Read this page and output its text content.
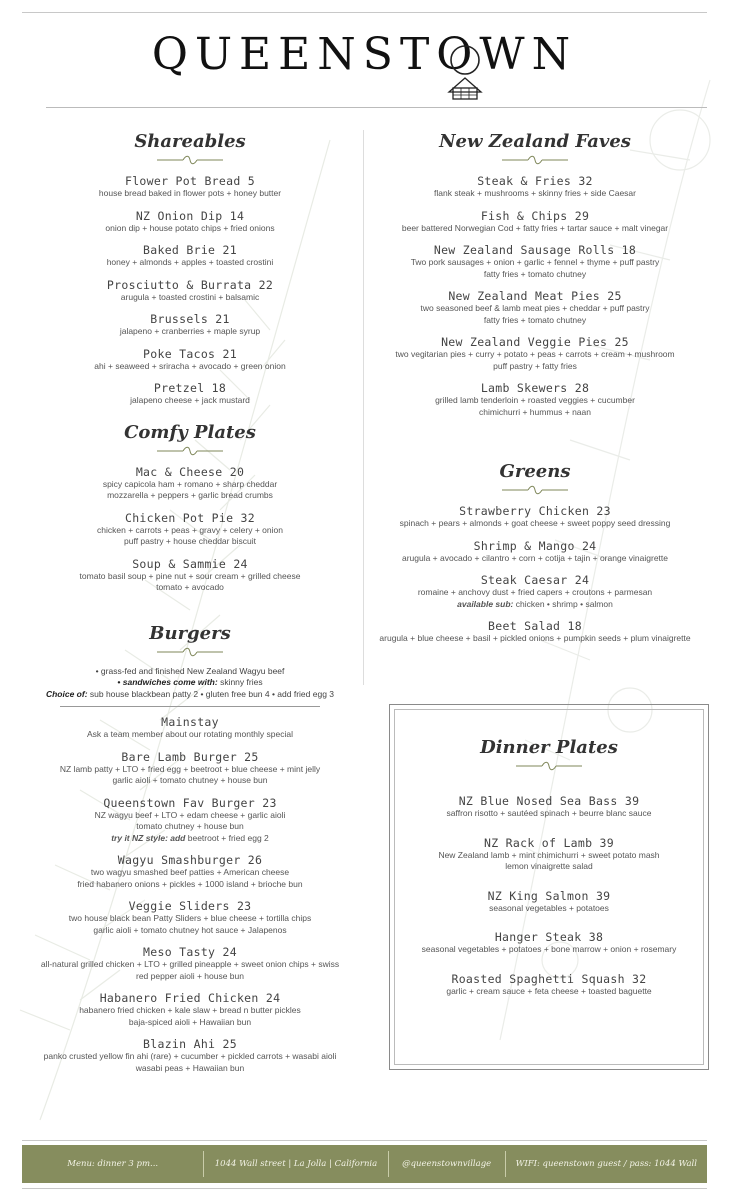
QUEENSTOWN
Shareables
Flower Pot Bread 5
house bread baked in flower pots + honey butter
NZ Onion Dip 14
onion dip + house potato chips + fried onions
Baked Brie 21
honey + almonds + apples + toasted crostini
Prosciutto & Burrata 22
arugula + toasted crostini + balsamic
Brussels 21
jalapeno + cranberries + maple syrup
Poke Tacos 21
ahi + seaweed + sriracha + avocado + green onion
Pretzel 18
jalapeno cheese + jack mustard
Comfy Plates
Mac & Cheese 20
spicy capicola ham + romano + sharp cheddar
mozzarella + peppers + garlic bread crumbs
Chicken Pot Pie 32
chicken + carrots + peas + gravy + celery + onion
puff pastry + house cheddar biscuit
Soup & Sammie 24
tomato basil soup + pine nut + sour cream + grilled cheese
tomato + avocado
Burgers
• grass-fed and finished New Zealand Wagyu beef
• sandwiches come with: skinny fries
Choice of: sub house blackbean patty 2 • gluten free bun 4 • add fried egg 3
Mainstay
Ask a team member about our rotating monthly special
Bare Lamb Burger 25
NZ lamb patty + LTO + fried egg + beetroot + blue cheese + mint jelly
garlic aioli + tomato chutney + house bun
Queenstown Fav Burger 23
NZ wagyu beef + LTO + edam cheese + garlic aioli
tomato chutney + house bun
try it NZ style: add beetroot + fried egg 2
Wagyu Smashburger 26
two wagyu smashed beef patties + American cheese
fried habanero onions + pickles + 1000 island + brioche bun
Veggie Sliders 23
two house black bean Patty Sliders + blue cheese + tortilla chips
garlic aioli + tomato chutney hot sauce + Jalapenos
Meso Tasty 24
all-natural grilled chicken + LTO + grilled pineapple + sweet onion chips + swiss
red pepper aioli + house bun
Habanero Fried Chicken 24
habanero fried chicken + kale slaw + bread n butter pickles
baja-spiced aioli + Hawaiian bun
Blazin Ahi 25
panko crusted yellow fin ahi (rare) + cucumber + pickled carrots + wasabi aioli
wasabi peas + Hawaiian bun
New Zealand Faves
Steak & Fries 32
flank steak + mushrooms + skinny fries + side Caesar
Fish & Chips 29
beer battered Norwegian Cod + fatty fries + tartar sauce + malt vinegar
New Zealand Sausage Rolls 18
Two pork sausages + onion + garlic + fennel + thyme + puff pastry
fatty fries + tomato chutney
New Zealand Meat Pies 25
two seasoned beef & lamb meat pies + cheddar + puff pastry
fatty fries + tomato chutney
New Zealand Veggie Pies 25
two vegitarian pies + curry + potato + peas + carrots + cream + mushroom
puff pastry + fatty fries
Lamb Skewers 28
grilled lamb tenderloin + roasted veggies + cucumber
chimichurri + hummus + naan
Greens
Strawberry Chicken 23
spinach + pears + almonds + goat cheese + sweet poppy seed dressing
Shrimp & Mango 24
arugula + avocado + cilantro + corn + cotija + tajin + orange vinaigrette
Steak Caesar 24
romaine + anchovy dust + fried capers + croutons + parmesan
available sub: chicken • shrimp • salmon
Beet Salad 18
arugula + blue cheese + basil + pickled onions + pumpkin seeds + plum vinaigrette
Dinner Plates
NZ Blue Nosed Sea Bass 39
saffron risotto + sautéed spinach + beurre blanc sauce
NZ Rack of Lamb 39
New Zealand lamb + mint chimichurri + sweet potato mash
lemon vinaigrette salad
NZ King Salmon 39
seasonal vegetables + potatoes
Hanger Steak 38
seasonal vegetables + potatoes + bone marrow + onion + rosemary
Roasted Spaghetti Squash 32
garlic + cream sauce + feta cheese + toasted baguette
Menu: dinner 3 pm...	1044 Wall street | La Jolla | California	@queenstownvillage	WIFI: queenstown guest / pass: 1044 Wall
